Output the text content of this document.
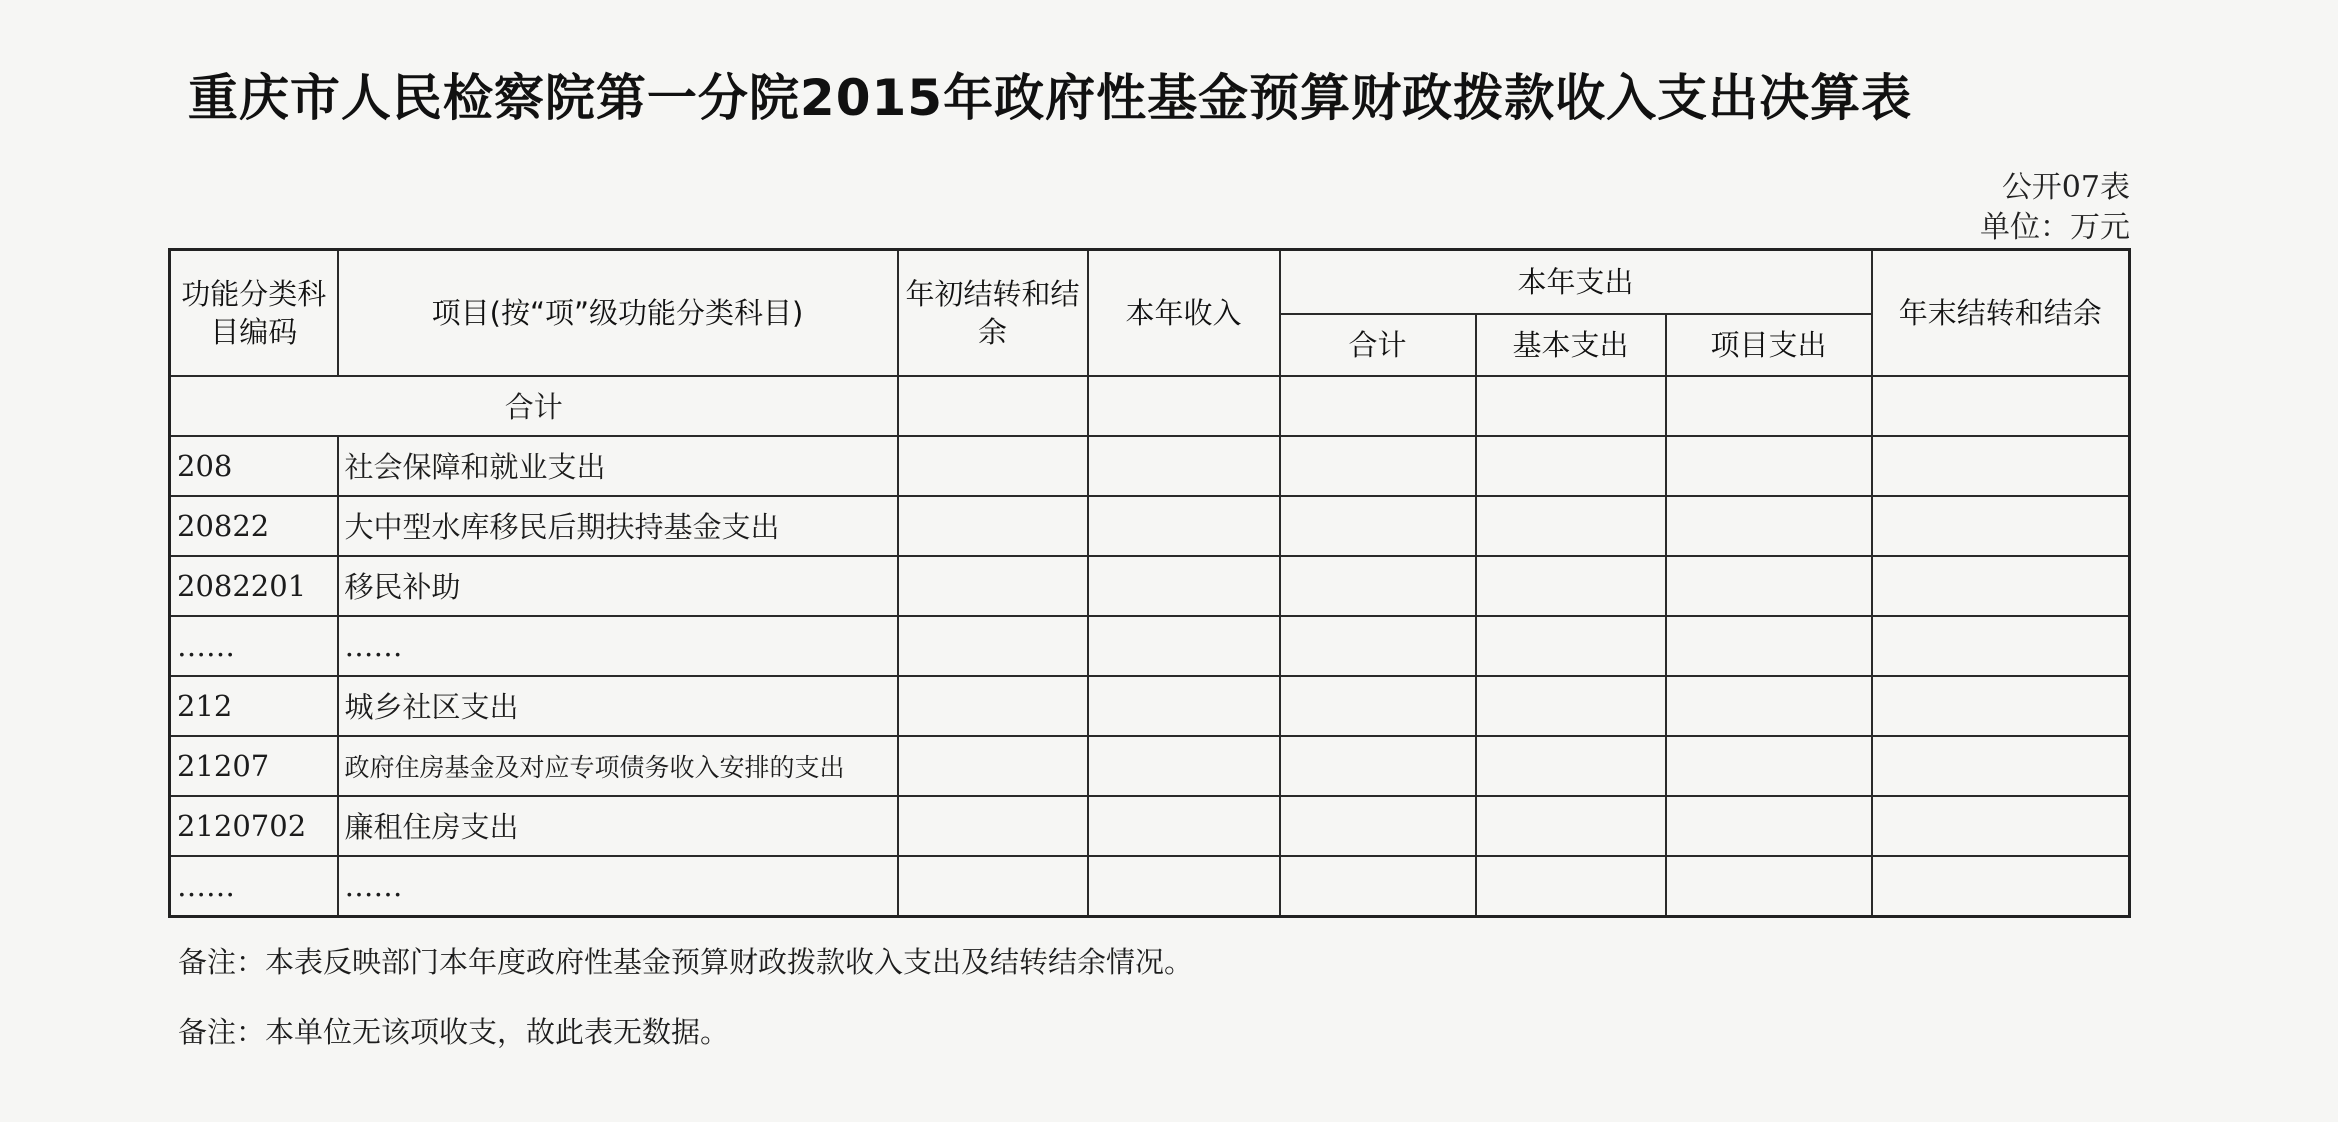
重庆市人民检察院第一分院2015年政府性基金预算财政拨款收入支出决算表
公开07表
单位：万元
功能分类科目编码	项目(按“项”级功能分类科目)	年初结转和结余	本年收入	本年支出			年末结转和结余
				合计	基本支出	项目支出	
合计							
208	社会保障和就业支出						
20822	大中型水库移民后期扶持基金支出						
2082201	移民补助						
……	……						
212	城乡社区支出						
21207	政府住房基金及对应专项债务收入安排的支出						
2120702	廉租住房支出						
……	……						
备注：本表反映部门本年度政府性基金预算财政拨款收入支出及结转结余情况。
备注：本单位无该项收支，故此表无数据。
